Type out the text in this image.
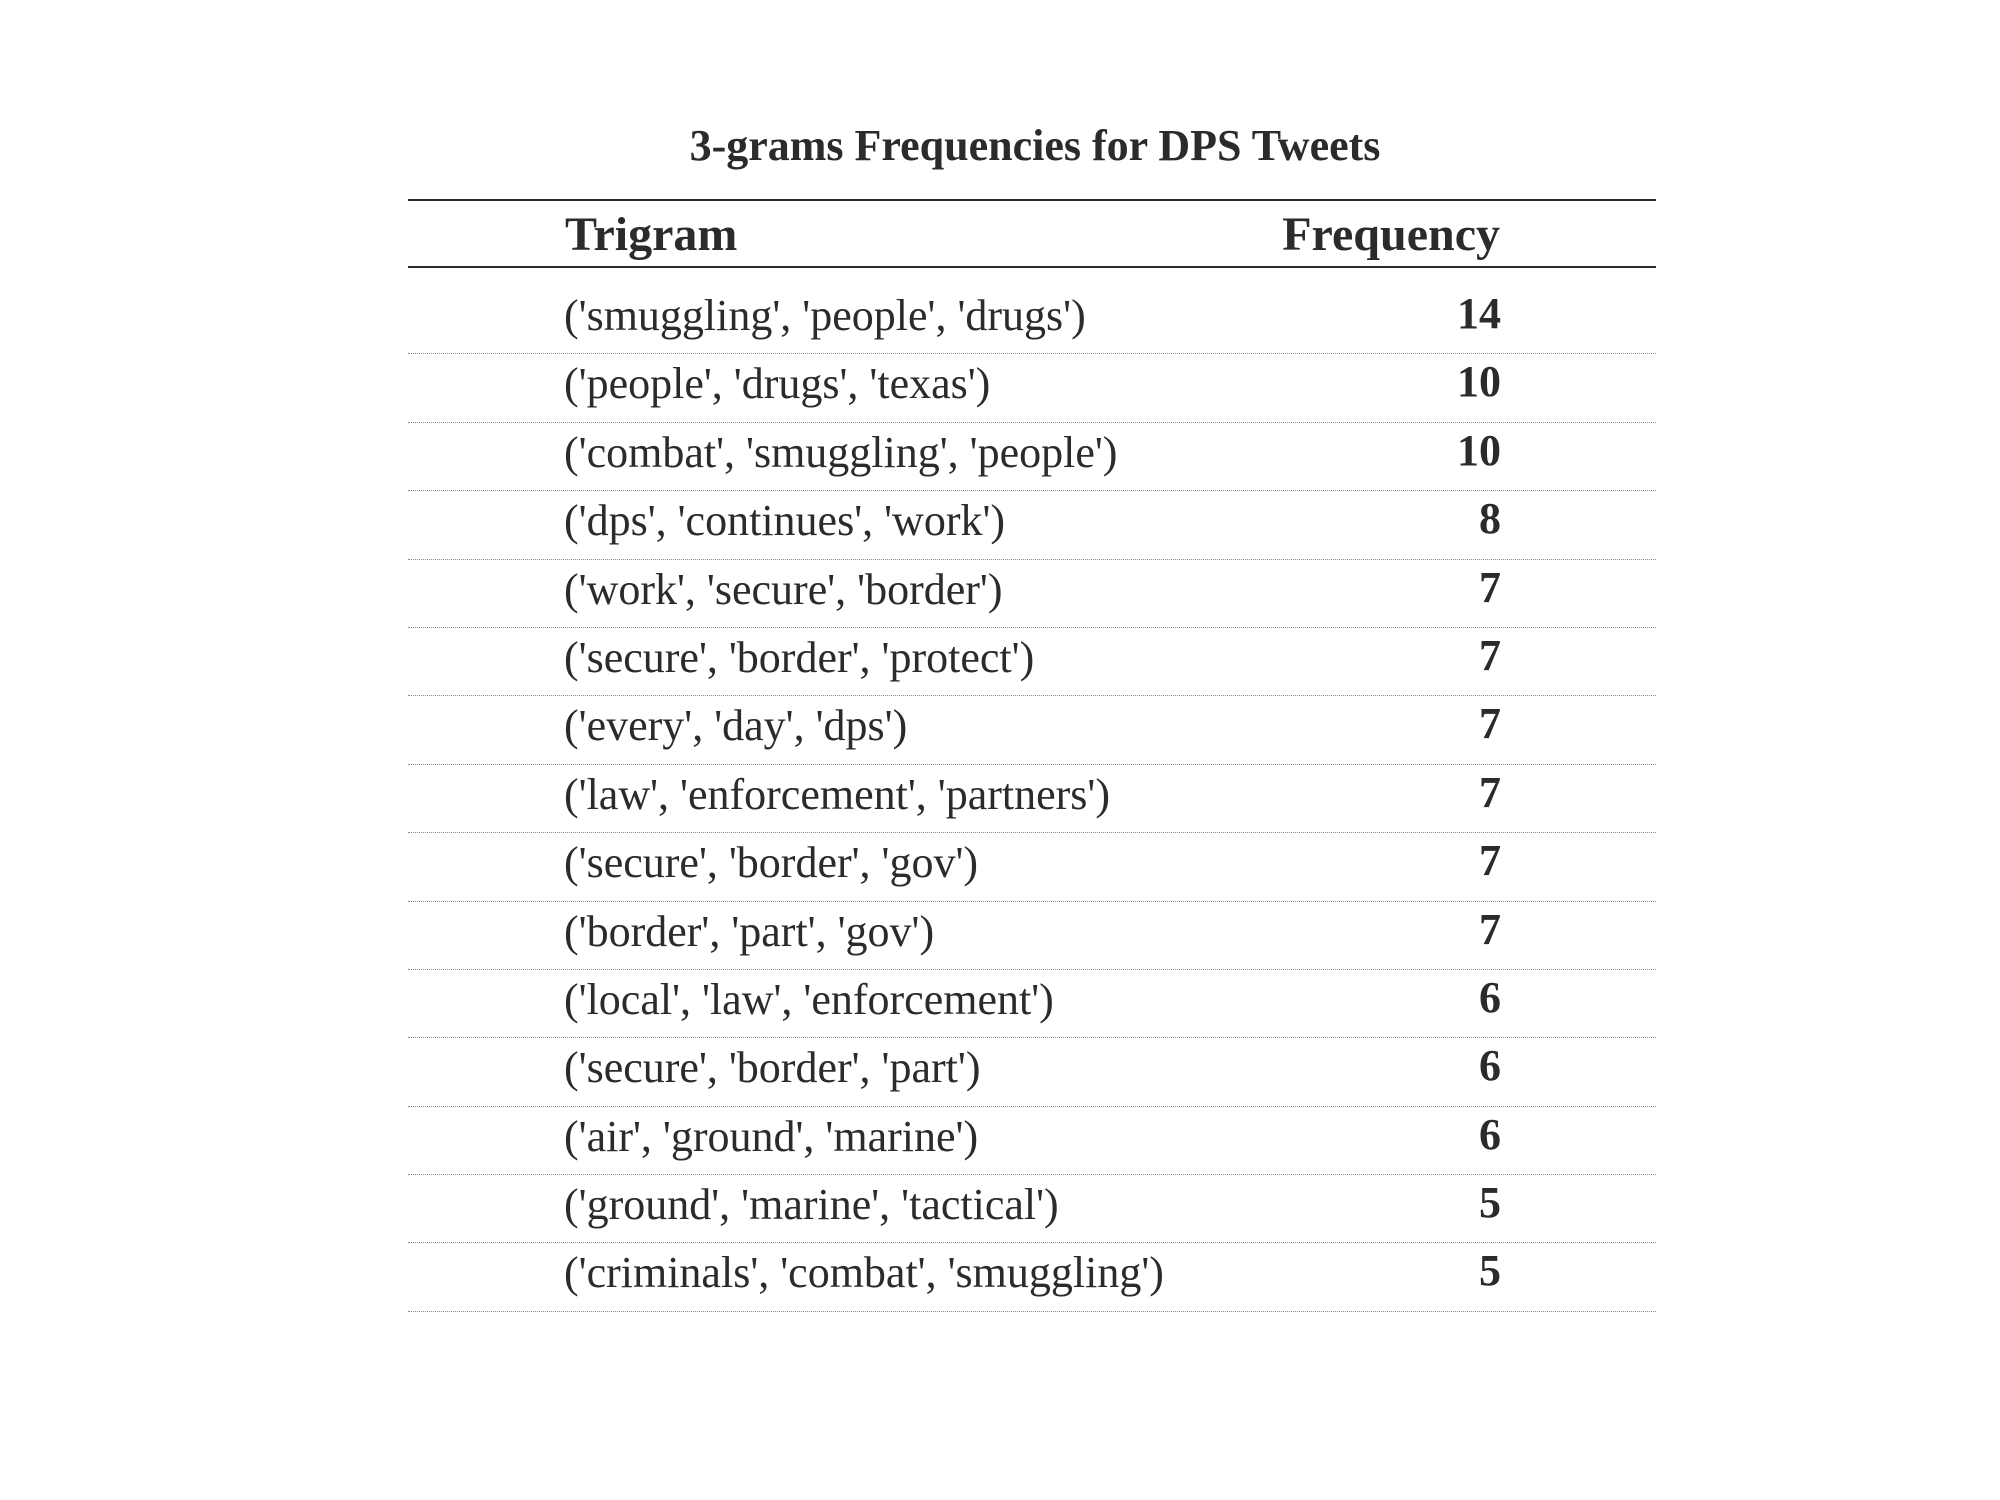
3-grams Frequencies for DPS Tweets
Trigram	Frequency
('smuggling', 'people', 'drugs')	14
('people', 'drugs', 'texas')	10
('combat', 'smuggling', 'people')	10
('dps', 'continues', 'work')	8
('work', 'secure', 'border')	7
('secure', 'border', 'protect')	7
('every', 'day', 'dps')	7
('law', 'enforcement', 'partners')	7
('secure', 'border', 'gov')	7
('border', 'part', 'gov')	7
('local', 'law', 'enforcement')	6
('secure', 'border', 'part')	6
('air', 'ground', 'marine')	6
('ground', 'marine', 'tactical')	5
('criminals', 'combat', 'smuggling')	5
